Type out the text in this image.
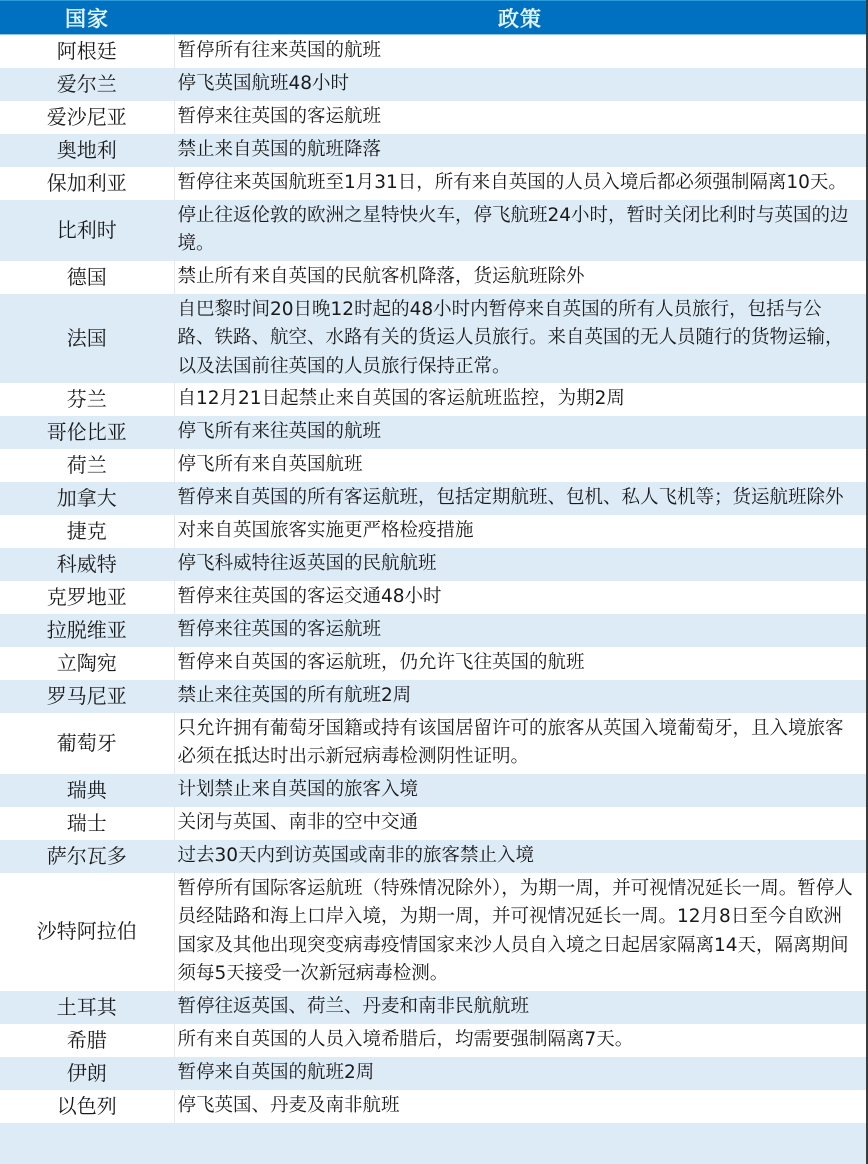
国家	政策
阿根廷	暂停所有往来英国的航班
爱尔兰	停飞英国航班48小时
爱沙尼亚	暂停来往英国的客运航班
奥地利	禁止来自英国的航班降落
保加利亚	暂停往来英国航班至1月31日，所有来自英国的人员入境后都必须强制隔离10天。
比利时	停止往返伦敦的欧洲之星特快火车，停飞航班24小时，暂时关闭比利时与英国的边境。
德国	禁止所有来自英国的民航客机降落，货运航班除外
法国	自巴黎时间20日晚12时起的48小时内暂停来自英国的所有人员旅行，包括与公路、铁路、航空、水路有关的货运人员旅行。来自英国的无人员随行的货物运输，以及法国前往英国的人员旅行保持正常。
芬兰	自12月21日起禁止来自英国的客运航班监控，为期2周
哥伦比亚	停飞所有来往英国的航班
荷兰	停飞所有来自英国航班
加拿大	暂停来自英国的所有客运航班，包括定期航班、包机、私人飞机等；货运航班除外
捷克	对来自英国旅客实施更严格检疫措施
科威特	停飞科威特往返英国的民航航班
克罗地亚	暂停来往英国的客运交通48小时
拉脱维亚	暂停来往英国的客运航班
立陶宛	暂停来自英国的客运航班，仍允许飞往英国的航班
罗马尼亚	禁止来往英国的所有航班2周
葡萄牙	只允许拥有葡萄牙国籍或持有该国居留许可的旅客从英国入境葡萄牙，且入境旅客必须在抵达时出示新冠病毒检测阴性证明。
瑞典	计划禁止来自英国的旅客入境
瑞士	关闭与英国、南非的空中交通
萨尔瓦多	过去30天内到访英国或南非的旅客禁止入境
沙特阿拉伯	暂停所有国际客运航班（特殊情况除外），为期一周，并可视情况延长一周。暂停人员经陆路和海上口岸入境，为期一周，并可视情况延长一周。12月8日至今自欧洲国家及其他出现突变病毒疫情国家来沙人员自入境之日起居家隔离14天，隔离期间须每5天接受一次新冠病毒检测。
土耳其	暂停往返英国、荷兰、丹麦和南非民航航班
希腊	所有来自英国的人员入境希腊后，均需要强制隔离7天。
伊朗	暂停来自英国的航班2周
以色列	停飞英国、丹麦及南非航班
